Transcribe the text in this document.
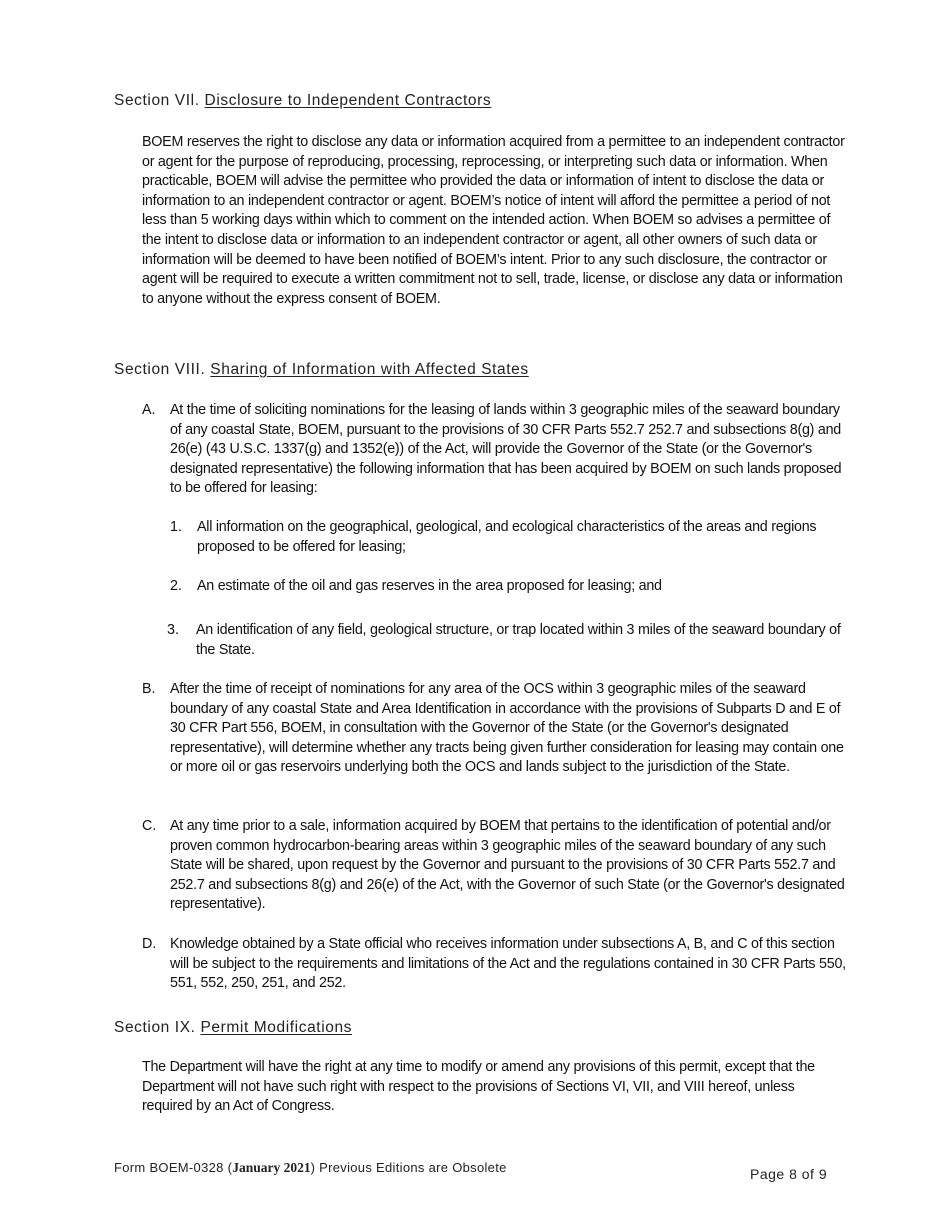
Section VIl. Disclosure to Independent Contractors

BOEM reserves the right to disclose any data or information acquired from a permittee to an independent contractor or agent for the purpose of reproducing, processing, reprocessing, or interpreting such data or information. When practicable, BOEM will advise the permittee who provided the data or information of intent to disclose the data or information to an independent contractor or agent. BOEM’s notice of intent will afford the permittee a period of not less than 5 working days within which to comment on the intended action. When BOEM so advises a permittee of the intent to disclose data or information to an independent contractor or agent, all other owners of such data or information will be deemed to have been notified of BOEM’s intent. Prior to any such disclosure, the contractor or agent will be required to execute a written commitment not to sell, trade, license, or disclose any data or information to anyone without the express consent of BOEM.

Section VIII. Sharing of Information with Affected States
A. At the time of soliciting nominations for the leasing of lands within 3 geographic miles of the seaward boundary of any coastal State, BOEM, pursuant to the provisions of 30 CFR Parts 552.7 252.7 and subsections 8(g) and 26(e) (43 U.S.C. 1337(g) and 1352(e)) of the Act, will provide the Governor of the State (or the Governor's designated representative) the following information that has been acquired by BOEM on such lands proposed to be offered for leasing:

1. All information on the geographical, geological, and ecological characteristics of the areas and regions proposed to be offered for leasing;

2. An estimate of the oil and gas reserves in the area proposed for leasing; and

3. An identification of any field, geological structure, or trap located within 3 miles of the seaward boundary of the State.

B. After the time of receipt of nominations for any area of the OCS within 3 geographic miles of the seaward boundary of any coastal State and Area Identification in accordance with the provisions of Subparts D and E of 30 CFR Part 556, BOEM, in consultation with the Governor of the State (or the Governor's designated representative), will determine whether any tracts being given further consideration for leasing may contain one or more oil or gas reservoirs underlying both the OCS and lands subject to the jurisdiction of the State.

C. At any time prior to a sale, information acquired by BOEM that pertains to the identification of potential and/or proven common hydrocarbon-bearing areas within 3 geographic miles of the seaward boundary of any such State will be shared, upon request by the Governor and pursuant to the provisions of 30 CFR Parts 552.7 and 252.7 and subsections 8(g) and 26(e) of the Act, with the Governor of such State (or the Governor's designated representative).

D. Knowledge obtained by a State official who receives information under subsections A, B, and C of this section will be subject to the requirements and limitations of the Act and the regulations contained in 30 CFR Parts 550, 551, 552, 250, 251, and 252.

Section IX. Permit Modifications

The Department will have the right at any time to modify or amend any provisions of this permit, except that the Department will not have such right with respect to the provisions of Sections VI, VII, and VIII hereof, unless required by an Act of Congress.

Form BOEM-0328 (January 2021) Previous Editions are Obsolete	Page 8 of 9
